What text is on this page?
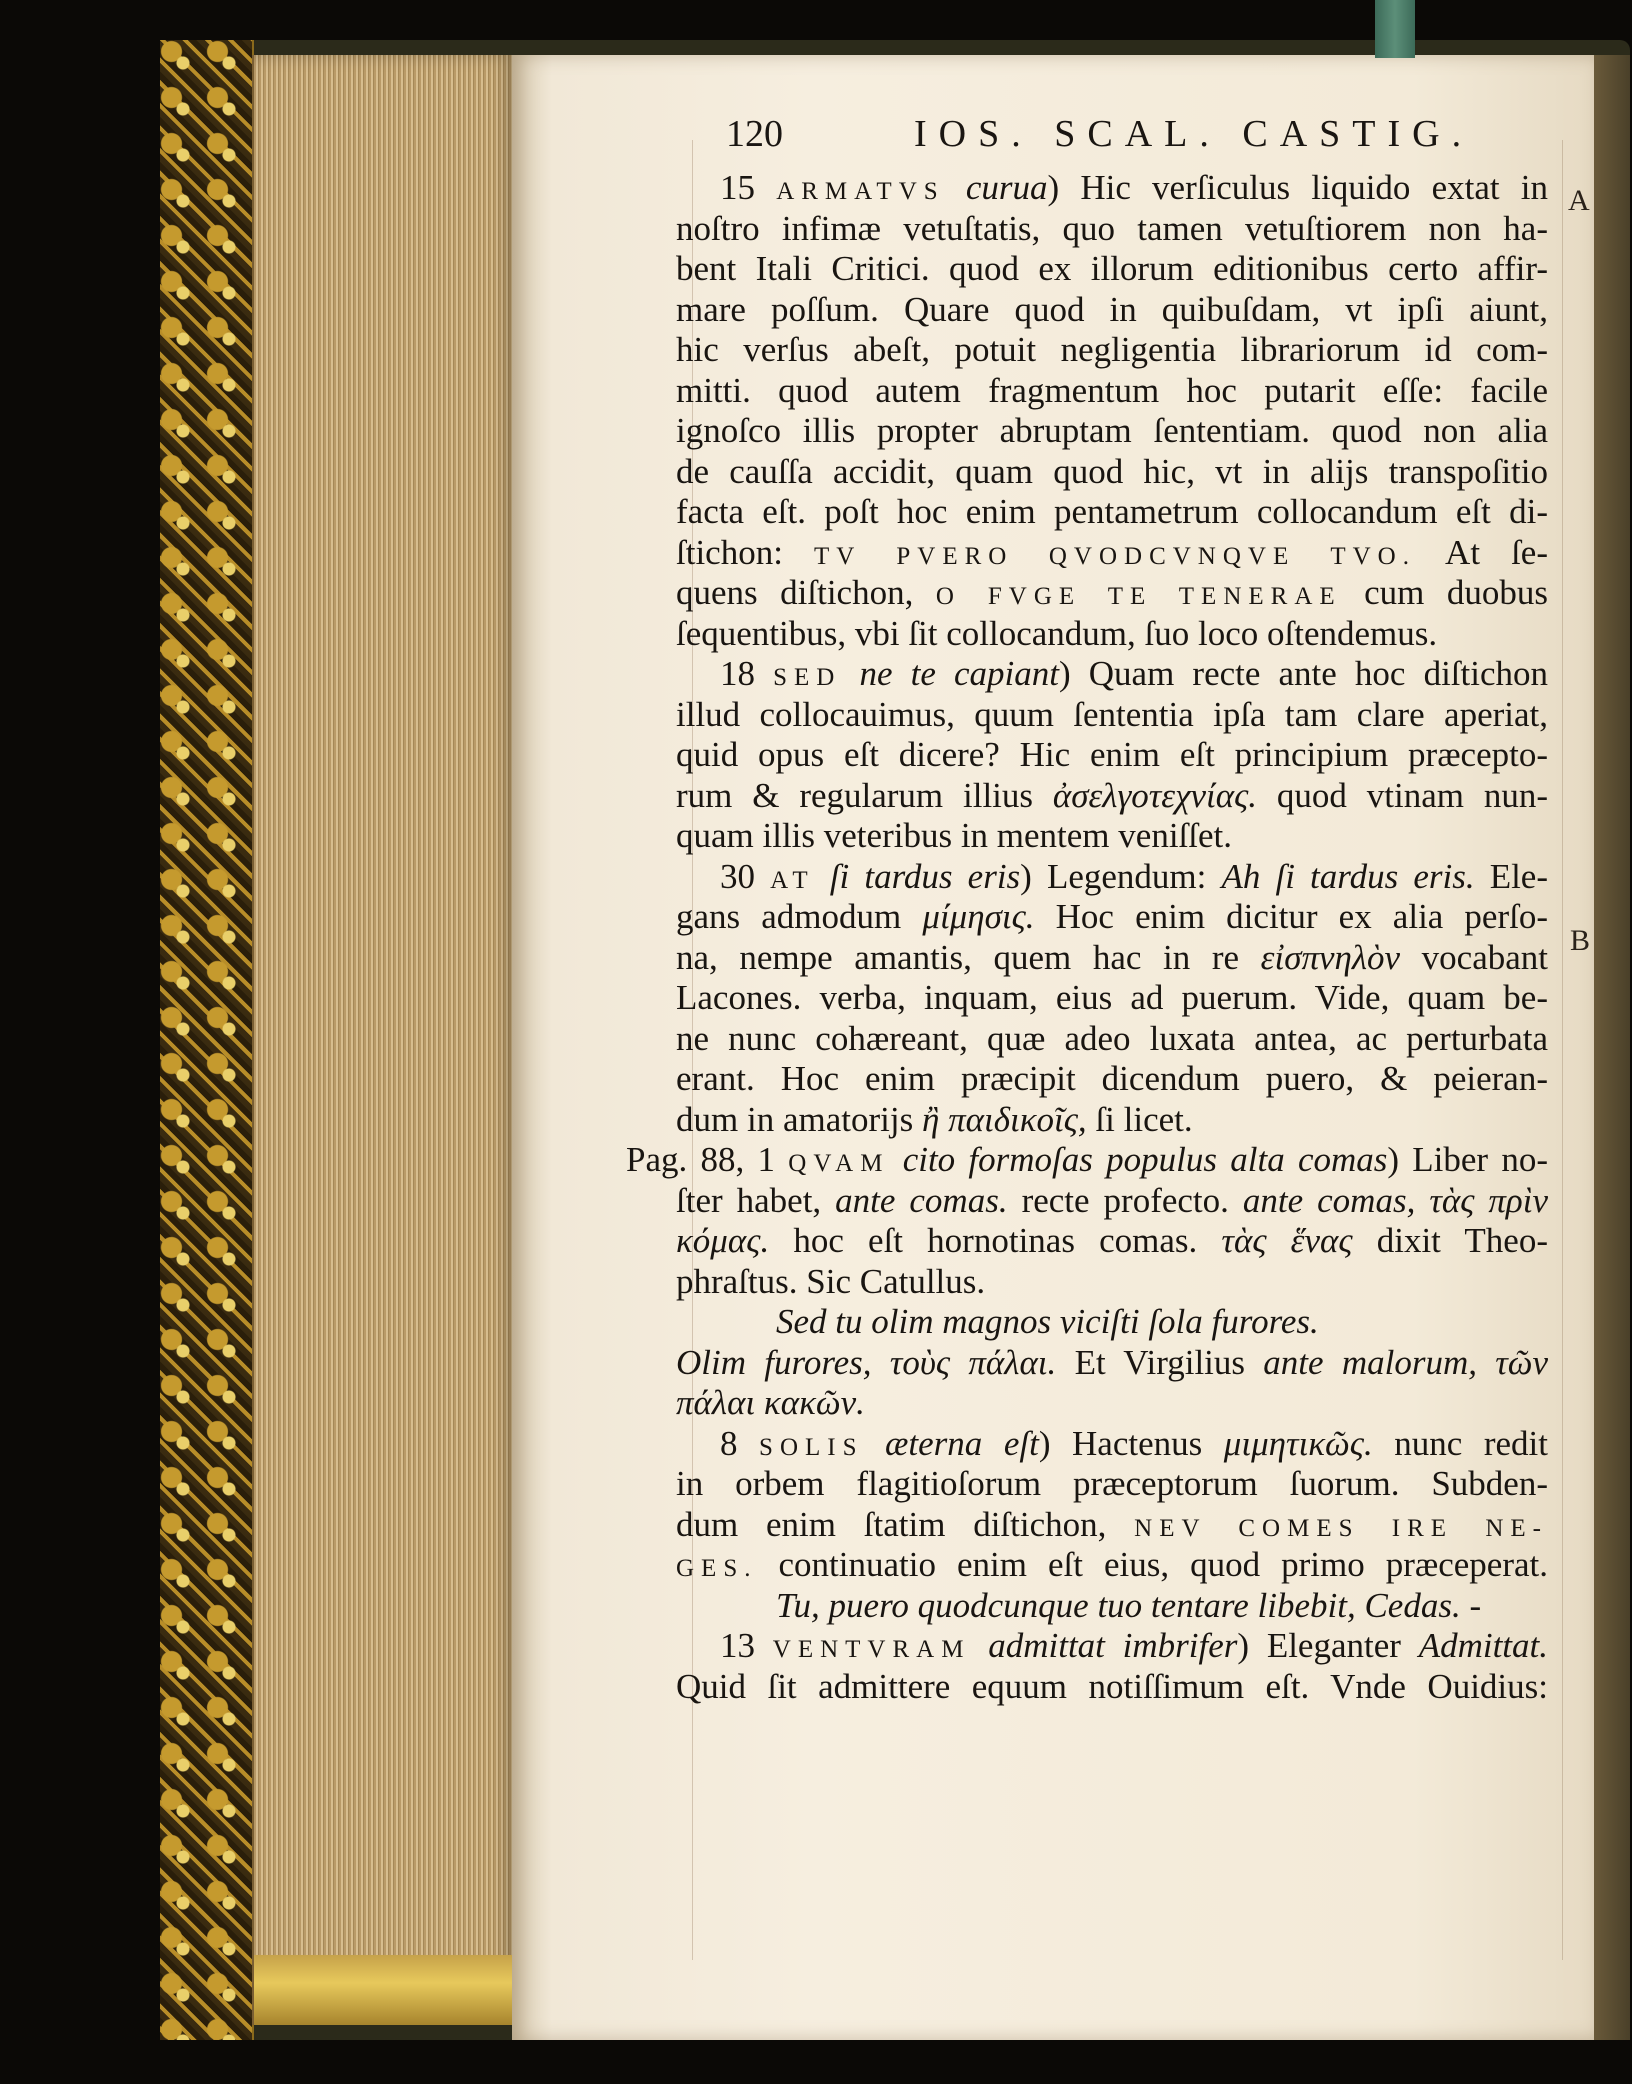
120	IOS. SCAL. CASTIG.
A
B
15 ARMATVS curua) Hic verſiculus liquido extat in
noſtro infimæ vetuſtatis, quo tamen vetuſtiorem non ha-
bent Itali Critici. quod ex illorum editionibus certo affir-
mare poſſum. Quare quod in quibuſdam, vt ipſi aiunt,
hic verſus abeſt, potuit negligentia librariorum id com-
mitti. quod autem fragmentum hoc putarit eſſe: facile
ignoſco illis propter abruptam ſententiam. quod non alia
de cauſſa accidit, quam quod hic, vt in alijs transpoſitio
facta eſt. poſt hoc enim pentametrum collocandum eſt di-
ſtichon: TV PVERO QVODCVNQVE TVO. At ſe-
quens diſtichon, O FVGE TE TENERAE cum duobus
ſequentibus, vbi ſit collocandum, ſuo loco oſtendemus.
18 SED ne te capiant) Quam recte ante hoc diſtichon
illud collocauimus, quum ſententia ipſa tam clare aperiat,
quid opus eſt dicere? Hic enim eſt principium præcepto-
rum & regularum illius ἀσελγοτεχνίας. quod vtinam nun-
quam illis veteribus in mentem veniſſet.
30 AT ſi tardus eris) Legendum: Ah ſi tardus eris. Ele-
gans admodum μίμησις. Hoc enim dicitur ex alia perſo-
na, nempe amantis, quem hac in re εἰσπνηλὸν vocabant
Lacones. verba, inquam, eius ad puerum. Vide, quam be-
ne nunc cohæreant, quæ adeo luxata antea, ac perturbata
erant. Hoc enim præcipit dicendum puero, & peieran-
dum in amatorijs ἢ παιδικοῖς, ſi licet.
Pag. 88, 1 QVAM cito formoſas populus alta comas) Liber no-
ſter habet, ante comas. recte profecto. ante comas, τὰς πρὶν
κόμας. hoc eſt hornotinas comas. τὰς ἕνας dixit Theo-
phraſtus. Sic Catullus.
Sed tu olim magnos viciſti ſola furores.
Olim furores, τοὺς πάλαι. Et Virgilius ante malorum, τῶν
πάλαι κακῶν.
8 SOLIS æterna eſt) Hactenus μιμητικῶς. nunc redit
in orbem flagitioſorum præceptorum ſuorum. Subden-
dum enim ſtatim diſtichon, NEV COMES IRE NE-
GES. continuatio enim eſt eius, quod primo præceperat.
Tu, puero quodcunque tuo tentare libebit, Cedas. -
13 VENTVRAM admittat imbrifer) Eleganter Admittat.
Quid ſit admittere equum notiſſimum eſt. Vnde Ouidius:
